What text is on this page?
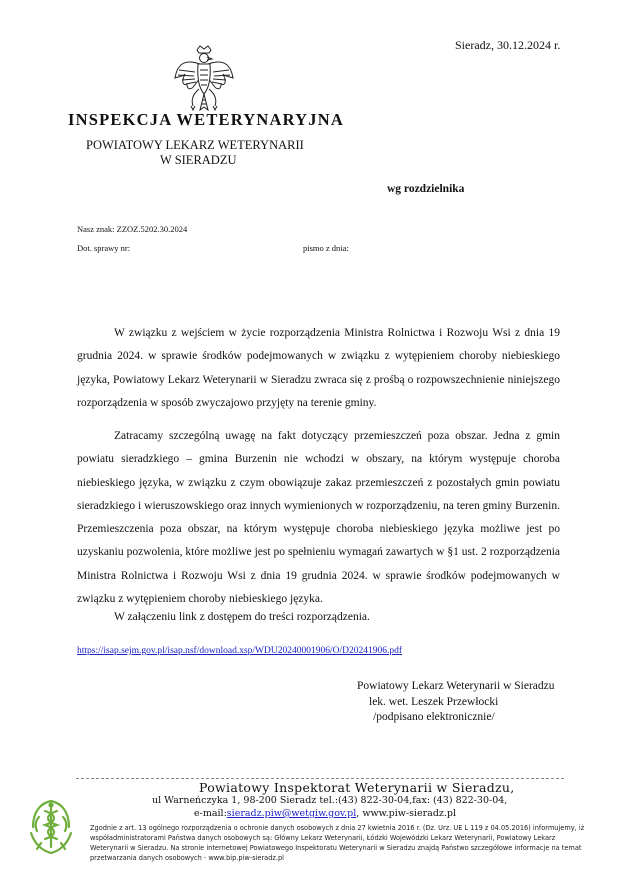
Sieradz, 30.12.2024 r.
INSPEKCJA WETERYNARYJNA
POWIATOWY LEKARZ WETERYNARII
W SIERADZU
wg rozdzielnika
Nasz znak: ZZOZ.5202.30.2024
Dot. sprawy nr:	pismo z dnia:
W związku z wejściem w życie rozporządzenia Ministra Rolnictwa i Rozwoju Wsi z dnia 19 grudnia 2024. w sprawie środków podejmowanych w związku z wytępieniem choroby niebieskiego języka, Powiatowy Lekarz Weterynarii w Sieradzu zwraca się z prośbą o rozpowszechnienie niniejszego rozporządzenia w sposób zwyczajowo przyjęty na terenie gminy.
Zatracamy szczególną uwagę na fakt dotyczący przemieszczeń poza obszar. Jedna z gmin powiatu sieradzkiego – gmina Burzenin nie wchodzi w obszary, na którym występuje choroba niebieskiego języka, w związku z czym obowiązuje zakaz przemieszczeń z pozostałych gmin powiatu sieradzkiego i wieruszowskiego oraz innych wymienionych w rozporządzeniu, na teren gminy Burzenin. Przemieszczenia poza obszar, na którym występuje choroba niebieskiego języka możliwe jest po uzyskaniu pozwolenia, które możliwe jest po spełnieniu wymagań zawartych w §1 ust. 2 rozporządzenia Ministra Rolnictwa i Rozwoju Wsi z dnia 19 grudnia 2024. w sprawie środków podejmowanych w związku z wytępieniem choroby niebieskiego języka.
W załączeniu link z dostępem do treści rozporządzenia.
https://isap.sejm.gov.pl/isap.nsf/download.xsp/WDU20240001906/O/D20241906.pdf
Powiatowy Lekarz Weterynarii w Sieradzu
lek. wet. Leszek Przewłocki
/podpisano elektronicznie/
Powiatowy Inspektorat Weterynarii w Sieradzu,
ul Warneńczyka 1, 98-200 Sieradz tel.:(43) 822-30-04,fax: (43) 822-30-04,
e-mail:sieradz.piw@wetgiw.gov.pl, www.piw-sieradz.pl
Zgodnie z art. 13 ogólnego rozporządzenia o ochronie danych osobowych z dnia 27 kwietnia 2016 r. (Dz. Urz. UE L 119 z 04.05.2016) informujemy, iż współadministratorami Państwa danych osobowych są: Główny Lekarz Weterynarii, Łódzki Wojewódzki Lekarz Weterynarii, Powiatowy Lekarz Weterynarii w Sieradzu. Na stronie internetowej Powiatowego Inspektoratu Weterynarii w Sieradzu znajdą Państwo szczegółowe informacje na temat przetwarzania danych osobowych - www.bip.piw-sieradz.pl
